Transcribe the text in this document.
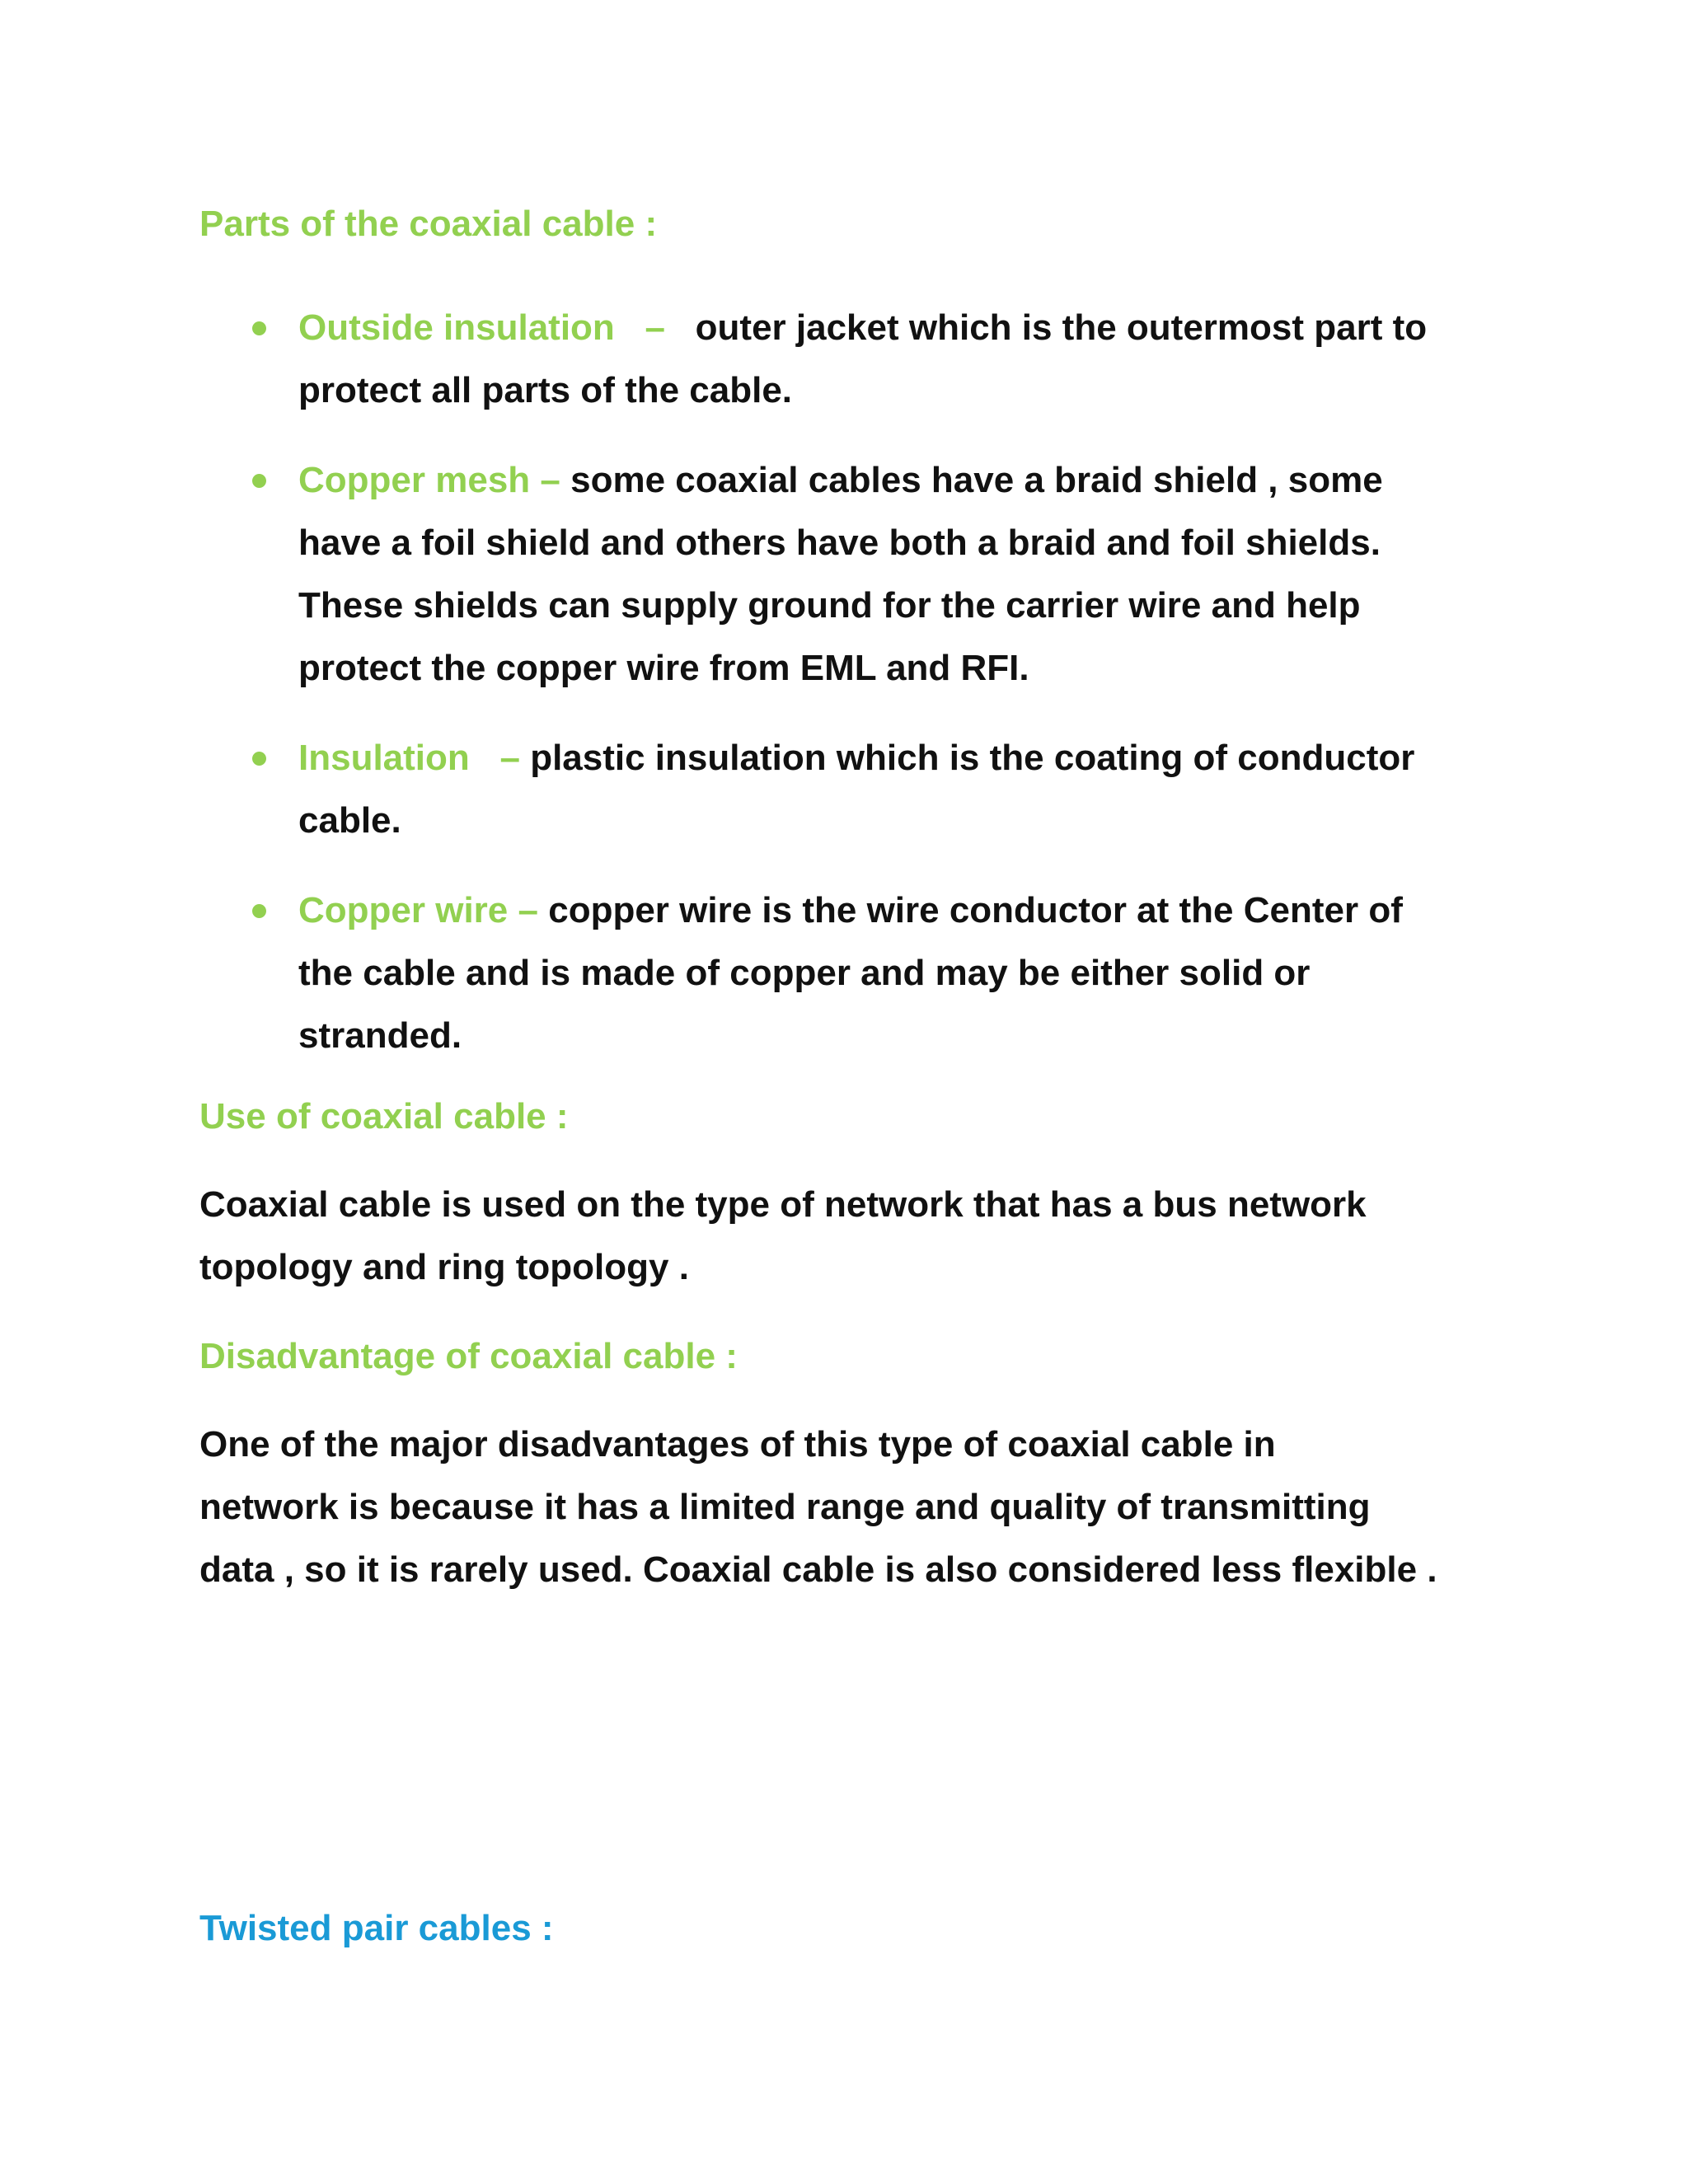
Parts of the coaxial cable :
Outside insulation – outer jacket which is the outermost part to
protect all parts of the cable.
Copper mesh – some coaxial cables have a braid shield , some
have a foil shield and others have both a braid and foil shields.
These shields can supply ground for the carrier wire and help
protect the copper wire from EML and RFI.
Insulation – plastic insulation which is the coating of conductor
cable.
Copper wire – copper wire is the wire conductor at the Center of
the cable and is made of copper and may be either solid or
stranded.
Use of coaxial cable :
Coaxial cable is used on the type of network that has a bus network
topology and ring topology .
Disadvantage of coaxial cable :
One of the major disadvantages of this type of coaxial cable in
network is because it has a limited range and quality of transmitting
data , so it is rarely used. Coaxial cable is also considered less flexible .
Twisted pair cables :
